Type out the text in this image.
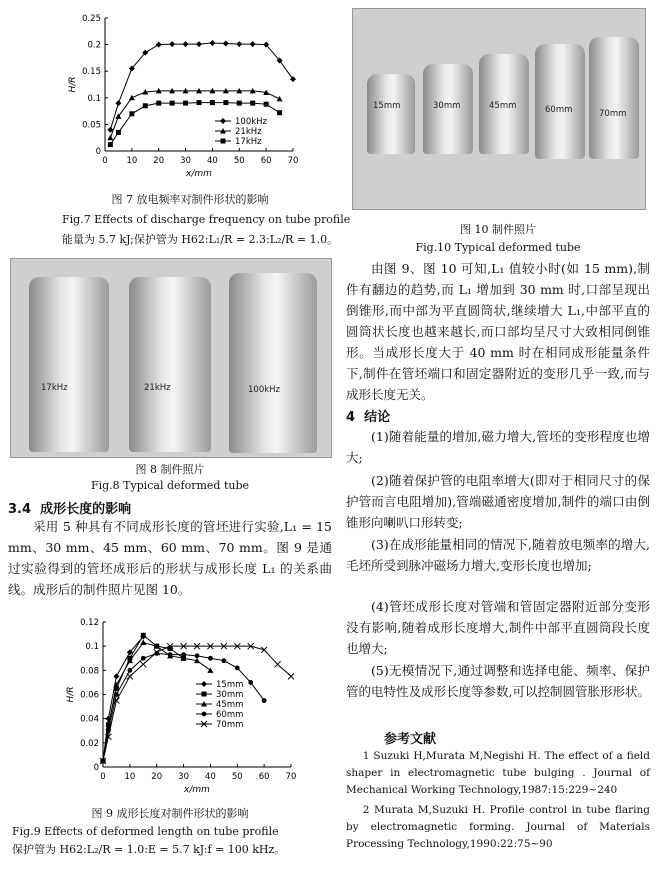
0
0.05
0.1
0.15
0.2
0.25
0 10 20 30 40 50 60 70
H/R
x/mm
100kHz
21kHz
17kHz
图 7 放电频率对制件形状的影响
Fig.7 Effects of discharge frequency on tube profile
能量为 5.7 kJ;保护管为 H62:L₁/R = 2.3:L₂/R = 1.0。
17kHz	21kHz	100kHz
图 8 制件照片
Fig.8 Typical deformed tube
3.4 成形长度的影响
采用 5 种具有不同成形长度的管坯进行实验,L₁ = 15 mm、30 mm、45 mm、60 mm、70 mm。图 9 是通过实验得到的管坯成形后的形状与成形长度 L₁ 的关系曲线。成形后的制件照片见图 10。
0
0.02
0.04
0.06
0.08
0.1
0.12
0 10 20 30 40 50 60 70
H/R
x/mm
15mm
30mm
45mm
60mm
70mm
图 9 成形长度对制件形状的影响
Fig.9 Effects of deformed length on tube profile
保护管为 H62:L₂/R = 1.0:E = 5.7 kJ:f = 100 kHz。
15mm	30mm	45mm	60mm	70mm
图 10 制件照片
Fig.10 Typical deformed tube
由图 9、图 10 可知,L₁ 值较小时(如 15 mm),制件有翻边的趋势,而 L₁ 增加到 30 mm 时,口部呈现出倒锥形,而中部为平直圆筒状,继续增大 L₁,中部平直的圆筒状长度也越来越长,而口部均呈尺寸大致相同倒锥形。当成形长度大于 40 mm 时在相同成形能量条件下,制件在管坯端口和固定器附近的变形几乎一致,而与成形长度无关。
4 结论
(1)随着能量的增加,磁力增大,管坯的变形程度也增大;
(2)随着保护管的电阻率增大(即对于相同尺寸的保护管而言电阻增加),管端磁通密度增加,制件的端口由倒锥形向喇叭口形转变;
(3)在成形能量相同的情况下,随着放电频率的增大,毛坯所受到脉冲磁场力增大,变形长度也增加;
(4)管坯成形长度对管端和管固定器附近部分变形没有影响,随着成形长度增大,制件中部平直圆筒段长度也增大;
(5)无模情况下,通过调整和选择电能、频率、保护管的电特性及成形长度等参数,可以控制圆管胀形形状。
参考文献
1 Suzuki H,Murata M,Negishi H. The effect of a field shaper in electromagnetic tube bulging . Journal of Mechanical Working Technology,1987:15:229~240
2 Murata M,Suzuki H. Profile control in tube flaring by electromagnetic forming. Journal of Materials Processing Technology,1990:22:75~90
